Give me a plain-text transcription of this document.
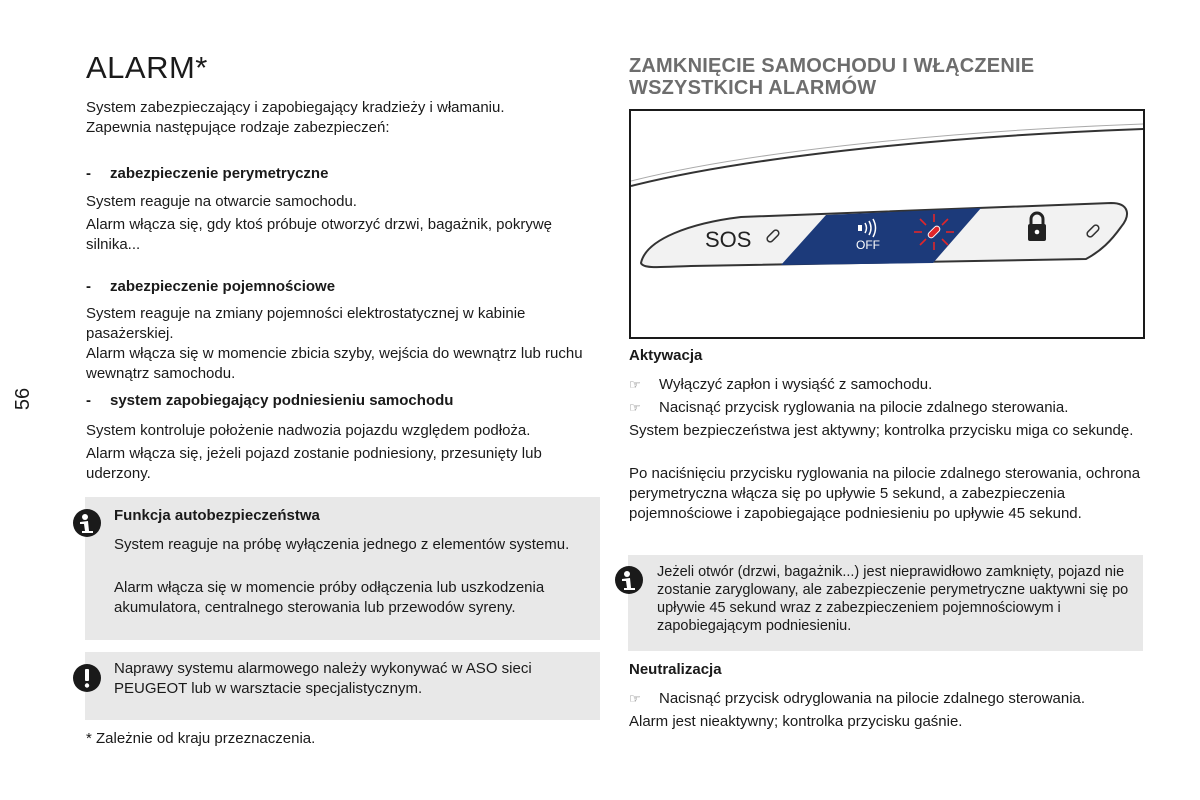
56
ALARM*

System zabezpieczający i zapobiegający kradzieży i włamaniu.

Zapewnia następujące rodzaje zabezpieczeń:

- zabezpieczenie perymetryczne

System reaguje na otwarcie samochodu.

Alarm włącza się, gdy ktoś próbuje otworzyć drzwi, bagażnik, pokrywę silnika...

- zabezpieczenie pojemnościowe

System reaguje na zmiany pojemności elektrostatycznej w kabinie pasażerskiej.

Alarm włącza się w momencie zbicia szyby, wejścia do wewnątrz lub ruchu wewnątrz samochodu.

- system zapobiegający podniesieniu samochodu

System kontroluje położenie nadwozia pojazdu względem podłoża.

Alarm włącza się, jeżeli pojazd zostanie podniesiony, przesunięty lub uderzony.

Funkcja autobezpieczeństwa

System reaguje na próbę wyłączenia jednego z elementów systemu.

Alarm włącza się w momencie próby odłączenia lub uszkodzenia akumulatora, centralnego sterowania lub przewodów syreny.

Naprawy systemu alarmowego należy wykonywać w ASO sieci PEUGEOT lub w warsztacie specjalistycznym.

* Zależnie od kraju przeznaczenia.

ZAMKNIĘCIE SAMOCHODU I WŁĄCZENIE WSZYSTKICH ALARMÓW
SOS	OFF
Aktywacja
☞ Wyłączyć zapłon i wysiąść z samochodu.
☞ Nacisnąć przycisk ryglowania na pilocie zdalnego sterowania.

System bezpieczeństwa jest aktywny; kontrolka przycisku miga co sekundę.

Po naciśnięciu przycisku ryglowania na pilocie zdalnego sterowania, ochrona perymetryczna włącza się po upływie 5 sekund, a zabezpieczenia pojemnościowe i zapobiegające podniesieniu po upływie 45 sekund.

Jeżeli otwór (drzwi, bagażnik...) jest nieprawidłowo zamknięty, pojazd nie zostanie zaryglowany, ale zabezpieczenie perymetryczne uaktywni się po upływie 45 sekund wraz z zabezpieczeniem pojemnościowym i zapobiegającym podniesieniu.

Neutralizacja
☞ Nacisnąć przycisk odryglowania na pilocie zdalnego sterowania.

Alarm jest nieaktywny; kontrolka przycisku gaśnie.
